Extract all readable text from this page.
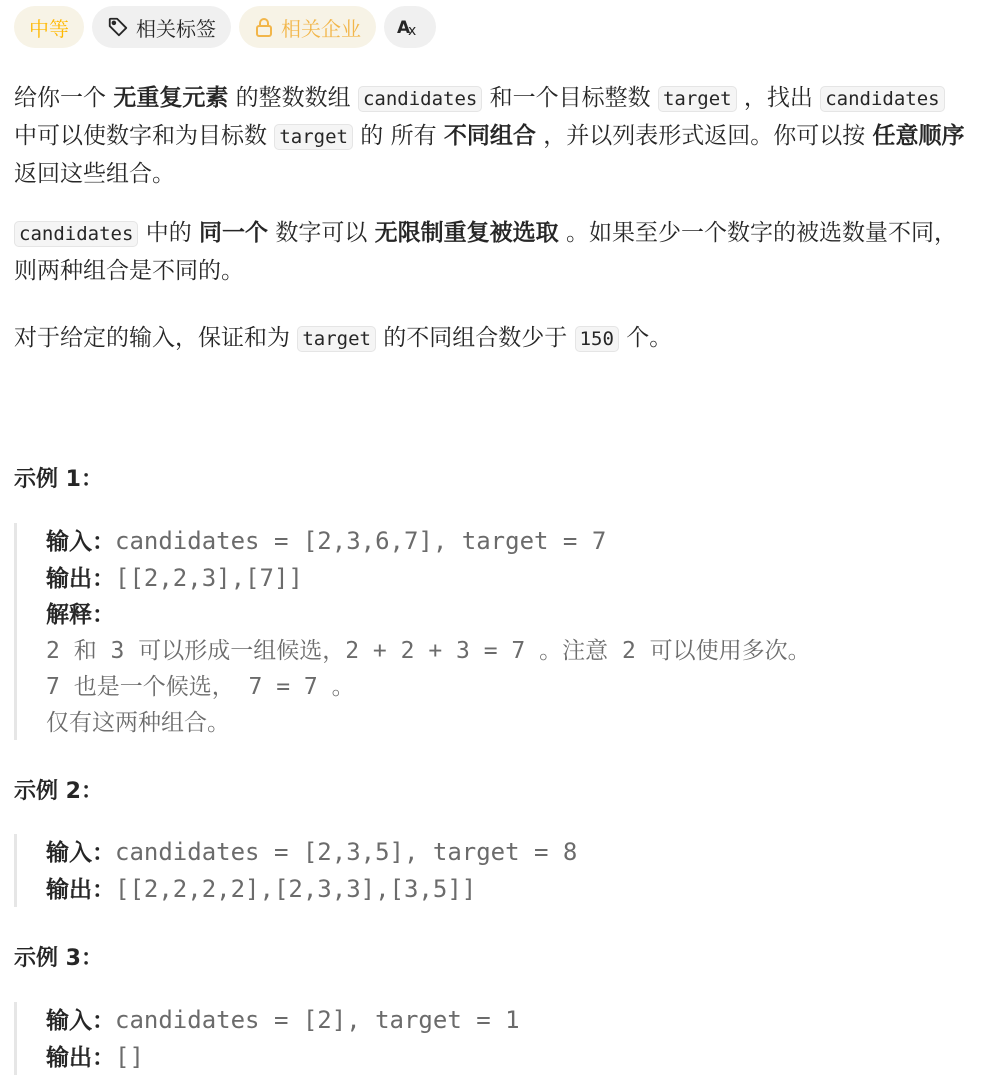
中等	相关标签	相关企业 A
x

给你一个 无重复元素 的整数数组 candidates 和一个目标整数 target ，找出 candidates 中可以使数字和为目标数 target 的 所有 不同组合 ，并以列表形式返回。你可以按 任意顺序 返回这些组合。

candidates 中的 同一个 数字可以 无限制重复被选取 。如果至少一个数字的被选数量不同，则两种组合是不同的。

对于给定的输入，保证和为 target 的不同组合数少于 150 个。

示例 1：
输入：candidates = [2,3,6,7], target = 7
输出：[[2,2,3],[7]]
解释：
2 和 3 可以形成一组候选，2 + 2 + 3 = 7 。注意 2 可以使用多次。
7 也是一个候选， 7 = 7 。
仅有这两种组合。
示例 2：
输入：candidates = [2,3,5], target = 8
输出：[[2,2,2,2],[2,3,3],[3,5]]
示例 3：
输入：candidates = [2], target = 1
输出：[]
